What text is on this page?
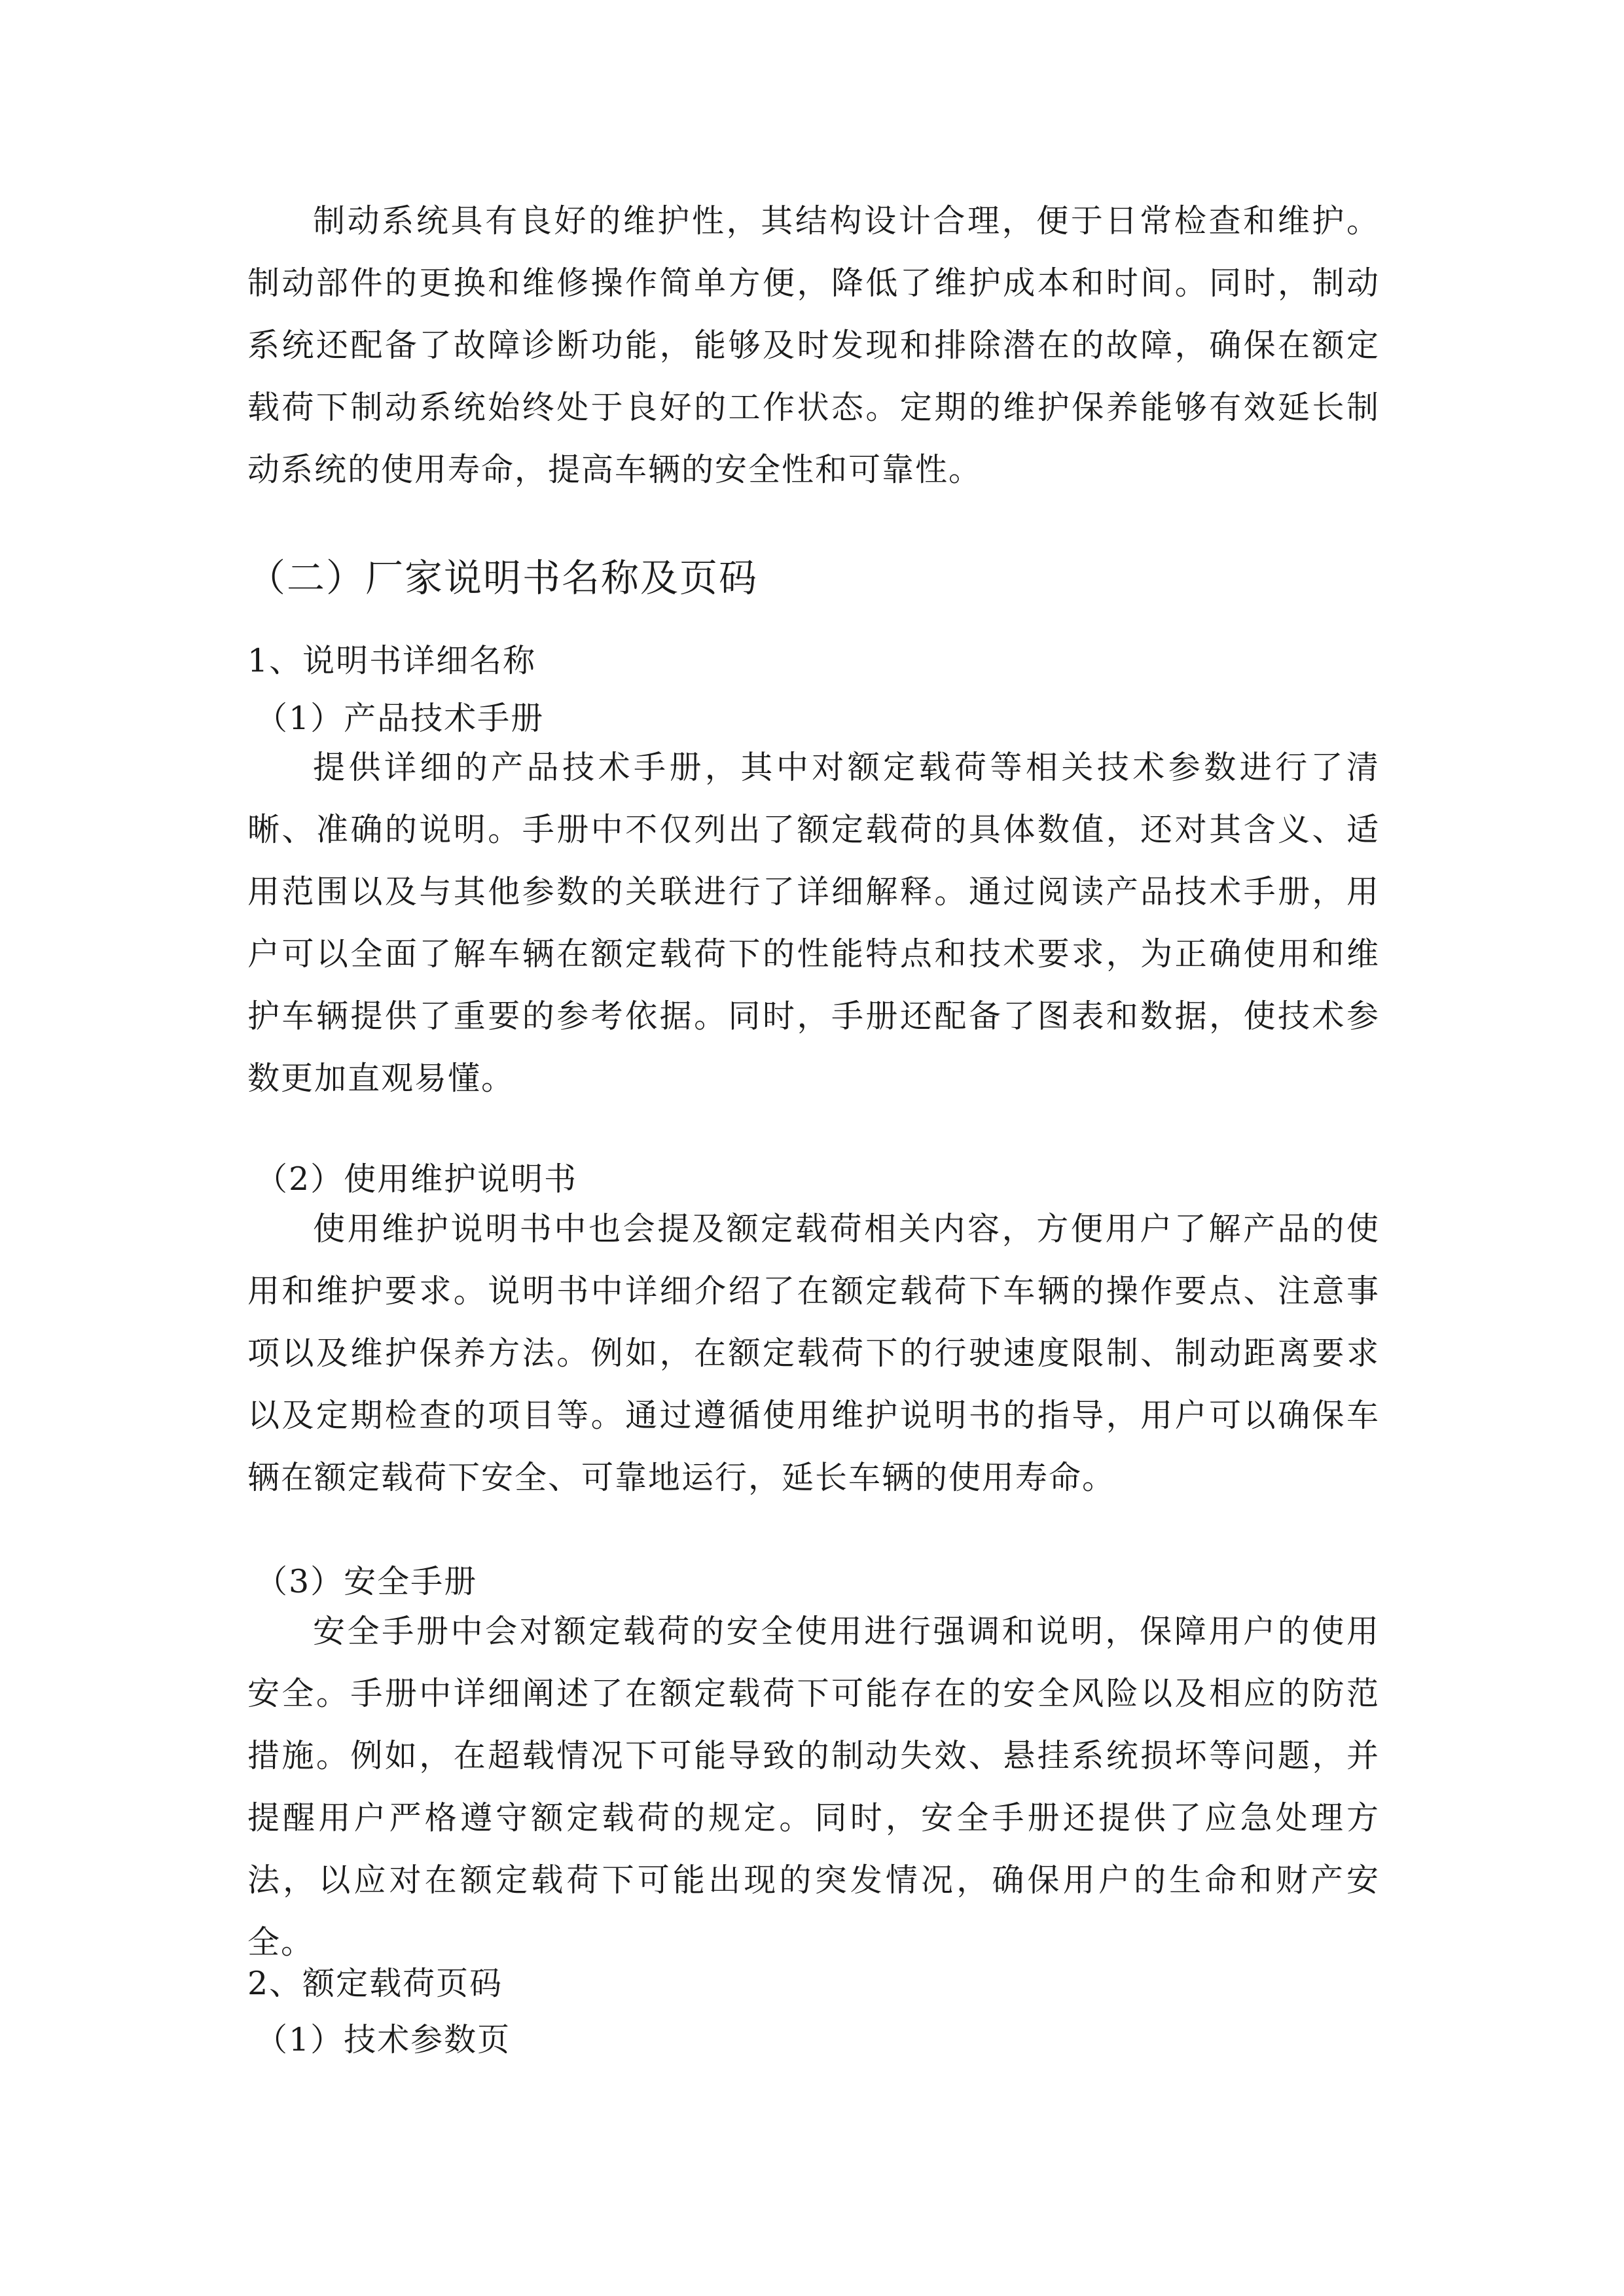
制动系统具有良好的维护性，其结构设计合理，便于日常检查和维护。制动部件的更换和维修操作简单方便，降低了维护成本和时间。同时，制动系统还配备了故障诊断功能，能够及时发现和排除潜在的故障，确保在额定载荷下制动系统始终处于良好的工作状态。定期的维护保养能够有效延长制动系统的使用寿命，提高车辆的安全性和可靠性。

（二）厂家说明书名称及页码
1、说明书详细名称
（1）产品技术手册

提供详细的产品技术手册，其中对额定载荷等相关技术参数进行了清晰、准确的说明。手册中不仅列出了额定载荷的具体数值，还对其含义、适用范围以及与其他参数的关联进行了详细解释。通过阅读产品技术手册，用户可以全面了解车辆在额定载荷下的性能特点和技术要求，为正确使用和维护车辆提供了重要的参考依据。同时，手册还配备了图表和数据，使技术参数更加直观易懂。

（2）使用维护说明书

使用维护说明书中也会提及额定载荷相关内容，方便用户了解产品的使用和维护要求。说明书中详细介绍了在额定载荷下车辆的操作要点、注意事项以及维护保养方法。例如，在额定载荷下的行驶速度限制、制动距离要求以及定期检查的项目等。通过遵循使用维护说明书的指导，用户可以确保车辆在额定载荷下安全、可靠地运行，延长车辆的使用寿命。

（3）安全手册

安全手册中会对额定载荷的安全使用进行强调和说明，保障用户的使用安全。手册中详细阐述了在额定载荷下可能存在的安全风险以及相应的防范措施。例如，在超载情况下可能导致的制动失效、悬挂系统损坏等问题，并提醒用户严格遵守额定载荷的规定。同时，安全手册还提供了应急处理方法，以应对在额定载荷下可能出现的突发情况，确保用户的生命和财产安全。

2、额定载荷页码
（1）技术参数页
